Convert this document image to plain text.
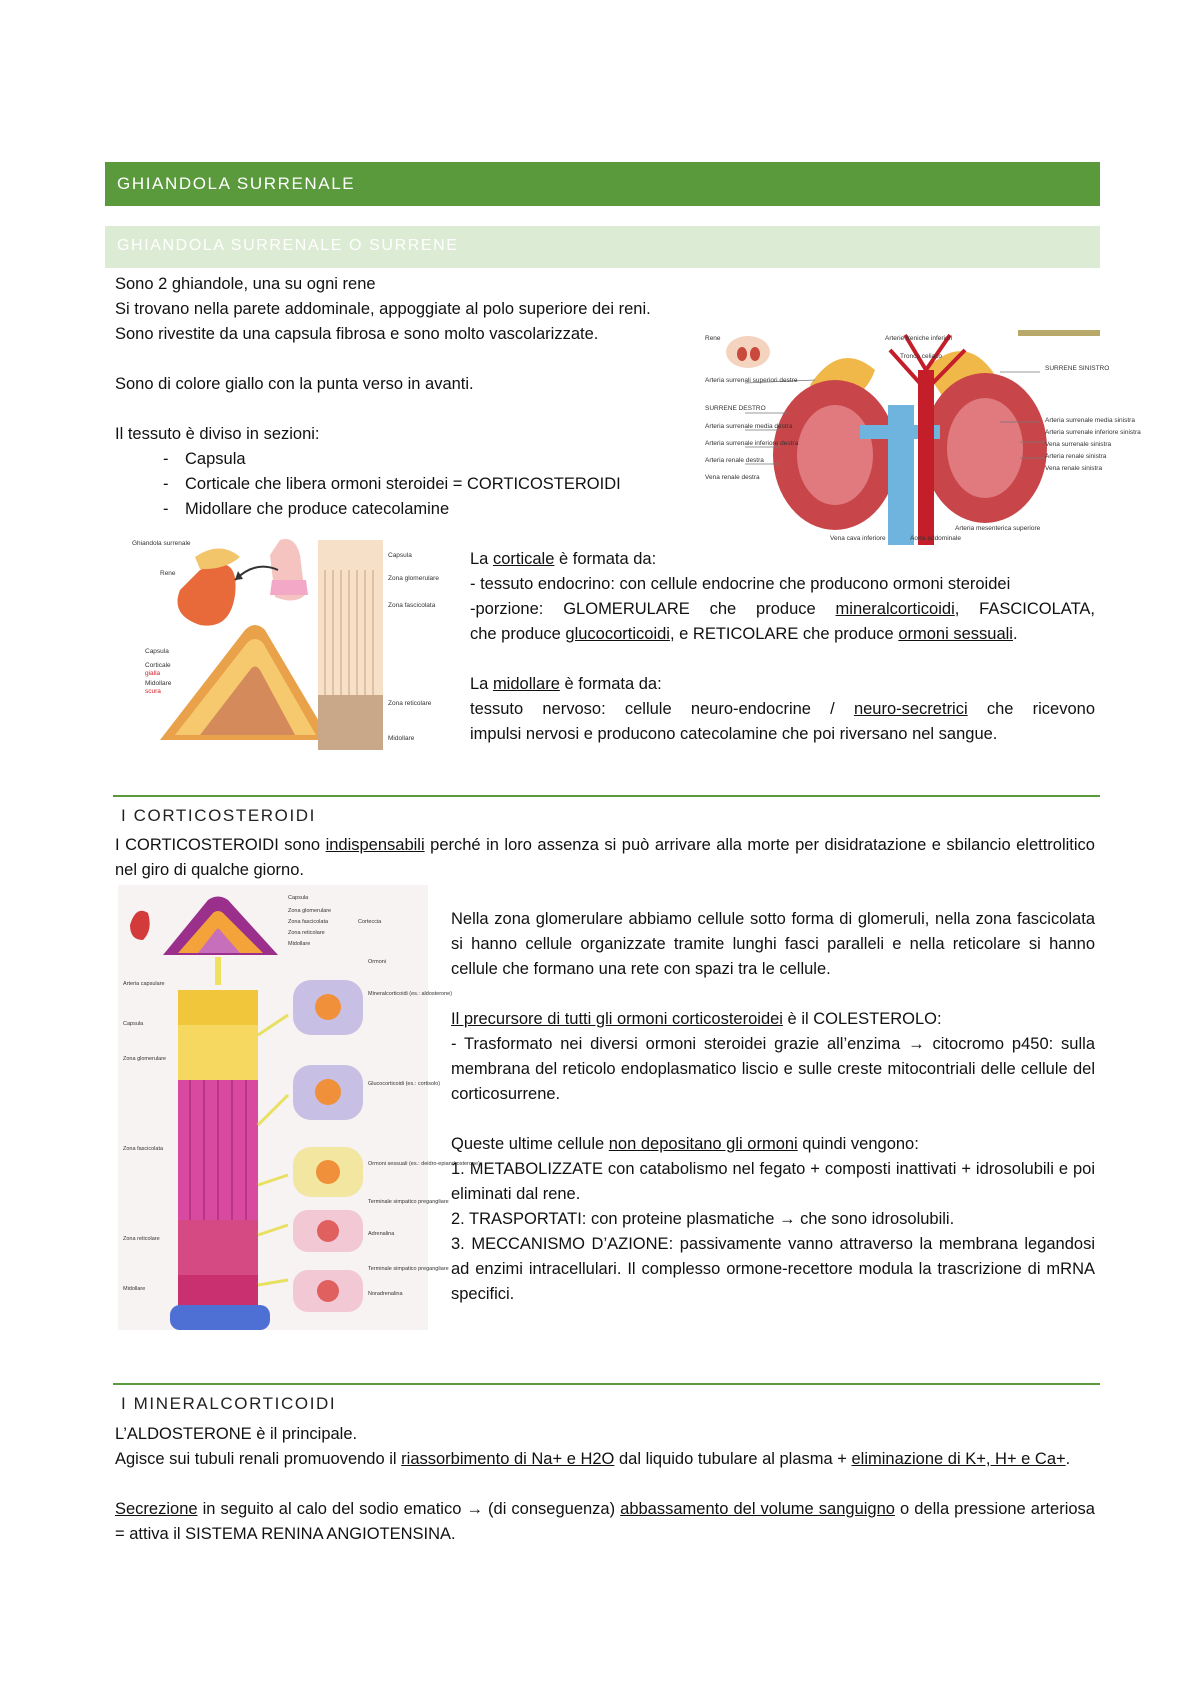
GHIANDOLA SURRENALE
GHIANDOLA SURRENALE O SURRENE
Sono 2 ghiandole, una su ogni rene
Si trovano nella parete addominale, appoggiate al polo superiore dei reni.
Sono rivestite da una capsula fibrosa e sono molto vascolarizzate.
Sono di colore giallo con la punta verso in avanti.
Il tessuto è diviso in sezioni:
- Capsula
- Corticale che libera ormoni steroidei = CORTICOSTEROIDI
- Midollare che produce catecolamine
Rene
Arteria surrenali superiori destre
SURRENE DESTRO
Arteria surrenale media destra
Arteria surrenale inferiore destra
Arteria renale destra
Vena renale destra
Arterie freniche inferiori
Tronco celiaco
SURRENE SINISTRO
Arteria surrenale media sinistra
Arteria surrenale inferiore sinistra
Vena surrenale sinistra
Arteria renale sinistra
Vena renale sinistra
Vena cava inferiore	Aorta addominale
Arteria mesenterica superiore
Ghiandola surrenale
Rene
Capsula
Corticale
Midollare
Capsula
Zona glomerulare
Zona fascicolata
Zona reticolare
Midollare
gialla
scura
La corticale è formata da:
- tessuto endocrino: con cellule endocrine che producono ormoni steroidei
-porzione: GLOMERULARE che produce mineralcorticoidi, FASCICOLATA,
che produce glucocorticoidi, e RETICOLARE che produce ormoni sessuali.
La midollare è formata da:
tessuto nervoso: cellule neuro-endocrine / neuro-secretrici che ricevono
impulsi nervosi e producono catecolamine che poi riversano nel sangue.
I CORTICOSTEROIDI
I CORTICOSTEROIDI sono indispensabili perché in loro assenza si può arrivare alla morte per disidratazione e sbilancio elettrolitico nel giro di qualche giorno.
Capsula
Zona glomerulare
Zona fascicolata
Zona reticolare
Midollare
Corteccia
Ormoni
Arteria capsulare
Capsula
Zona glomerulare
Zona fascicolata
Zona reticolare
Midollare
Mineralcorticoidi (es.: aldosterone)
Glucocorticoidi (es.: cortisolo)
Ormoni sessuali (es.: deidro-epiandrosterone)
Terminale simpatico pregangliare
Adrenalina
Terminale simpatico pregangliare
Noradrenalina
Nella zona glomerulare abbiamo cellule sotto forma di glomeruli, nella zona fascicolata si hanno cellule organizzate tramite lunghi fasci paralleli e nella reticolare si hanno cellule che formano una rete con spazi tra le cellule.
Il precursore di tutti gli ormoni corticosteroidei è il COLESTEROLO:
- Trasformato nei diversi ormoni steroidei grazie all’enzima → citocromo p450: sulla membrana del reticolo endoplasmatico liscio e sulle creste mitocontriali delle cellule del corticosurrene.
Queste ultime cellule non depositano gli ormoni quindi vengono:
1. METABOLIZZATE con catabolismo nel fegato + composti inattivati + idrosolubili e poi eliminati dal rene.
2. TRASPORTATI: con proteine plasmatiche → che sono idrosolubili.
3. MECCANISMO D’AZIONE: passivamente vanno attraverso la membrana legandosi ad enzimi intracellulari. Il complesso ormone-recettore modula la trascrizione di mRNA specifici.
I MINERALCORTICOIDI
L’ALDOSTERONE è il principale.
Agisce sui tubuli renali promuovendo il riassorbimento di Na+ e H2O dal liquido tubulare al plasma + eliminazione di K+, H+ e Ca+.
Secrezione in seguito al calo del sodio ematico → (di conseguenza) abbassamento del volume sanguigno o della pressione arteriosa = attiva il SISTEMA RENINA ANGIOTENSINA.
